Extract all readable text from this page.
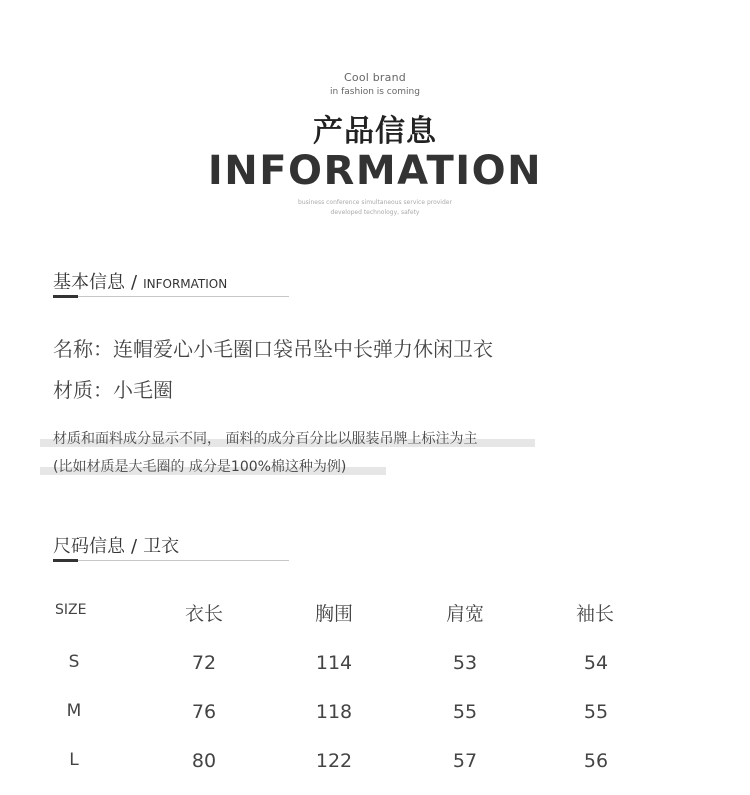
Cool brand
in fashion is coming
产品信息
INFORMATION
business conference simultaneous service provider
developed technology, safety
基本信息 / INFORMATION
名称：连帽爱心小毛圈口袋吊坠中长弹力休闲卫衣
材质：小毛圈
材质和面料成分显示不同， 面料的成分百分比以服装吊牌上标注为主
(比如材质是大毛圈的 成分是100%棉这种为例)
尺码信息 / 卫衣
SIZE	衣长	胸围	肩宽	袖长
S	72	114	53	54
M	76	118	55	55
L	80	122	57	56
